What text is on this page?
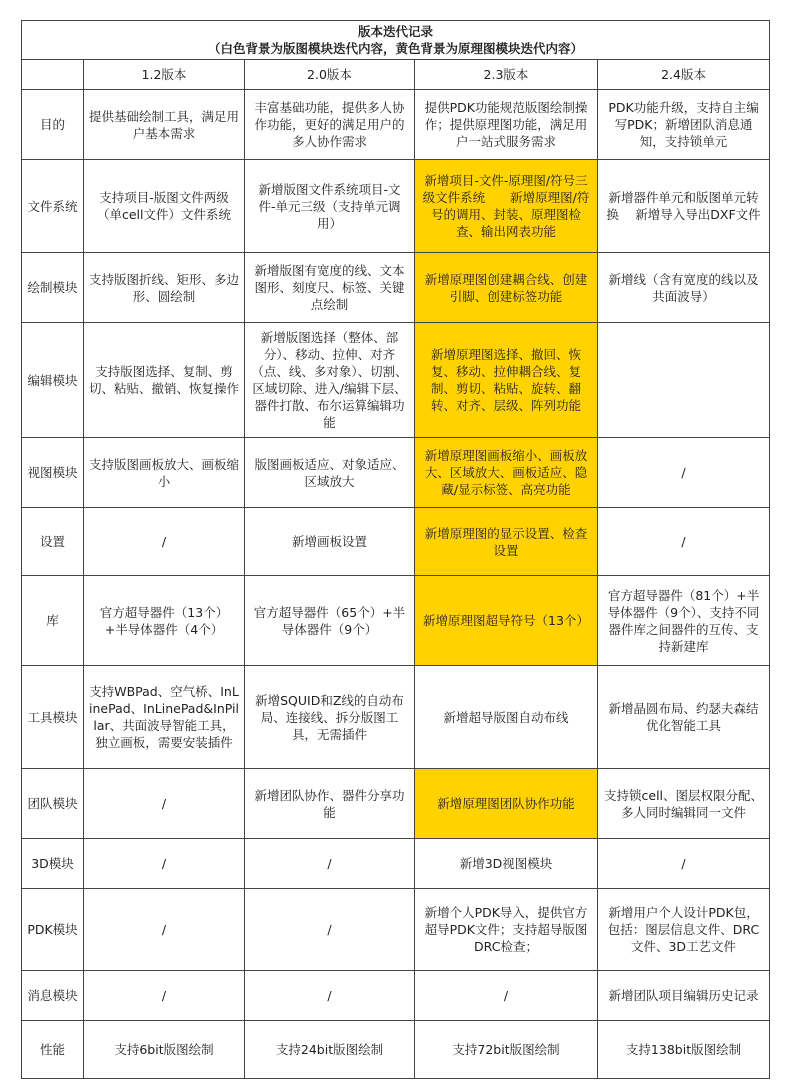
版本迭代记录
（白色背景为版图模块迭代内容，黄色背景为原理图模块迭代内容）				

	1.2版本	2.0版本	2.3版本	2.4版本
目的	提供基础绘制工具，满足用户基本需求	丰富基础功能，提供多人协作功能，更好的满足用户的多人协作需求	提供PDK功能规范版图绘制操作；提供原理图功能，满足用户一站式服务需求	PDK功能升级，支持自主编写PDK；新增团队消息通知，支持锁单元
文件系统	支持项目-版图文件两级（单cell文件）文件系统	新增版图文件系统项目-文件-单元三级（支持单元调用）	新增项目-文件-原理图/符号三级文件系统　　新增原理图/符号的调用、封装、原理图检查、输出网表功能	新增器件单元和版图单元转换　 新增导入导出DXF文件
绘制模块	支持版图折线、矩形、多边形、圆绘制	新增版图有宽度的线、文本图形、刻度尺、标签、关键点绘制	新增原理图创建耦合线、创建引脚、创建标签功能	新增线（含有宽度的线以及共面波导）
编辑模块	支持版图选择、复制、剪切、粘贴、撤销、恢复操作	新增版图选择（整体、部分）、移动、拉伸、对齐（点、线、多对象）、切割、区域切除、进入/编辑下层、器件打散、布尔运算编辑功能	新增原理图选择、撤回、恢复、移动、拉伸耦合线、复制、剪切、粘贴、旋转、翻转、对齐、层级、阵列功能	
视图模块	支持版图画板放大、画板缩小	版图画板适应、对象适应、区域放大	新增原理图画板缩小、画板放大、区域放大、画板适应、隐藏/显示标签、高亮功能	/
设置	/	新增画板设置	新增原理图的显示设置、检查设置	/
库	官方超导器件（13个）+半导体器件（4个）	官方超导器件（65个）+半导体器件（9个）	新增原理图超导符号（13个）	官方超导器件（81个）+半导体器件（9个）、支持不同器件库之间器件的互传、支持新建库
工具模块	支持WBPad、空气桥、InLinePad、InLinePad&InPillar、共面波导智能工具，独立画板，需要安装插件	新增SQUID和Z线的自动布局、连接线、拆分版图工具，无需插件	新增超导版图自动布线	新增晶圆布局、约瑟夫森结优化智能工具
团队模块	/	新增团队协作、器件分享功能	新增原理图团队协作功能	支持锁cell、图层权限分配、多人同时编辑同一文件
3D模块	/	/	新增3D视图模块	/
PDK模块	/	/	新增个人PDK导入，提供官方超导PDK文件；支持超导版图DRC检查；	新增用户个人设计PDK包，包括：图层信息文件、DRC文件、3D工艺文件
消息模块	/	/	/	新增团队项目编辑历史记录
性能	支持6bit版图绘制	支持24bit版图绘制	支持72bit版图绘制	支持138bit版图绘制
